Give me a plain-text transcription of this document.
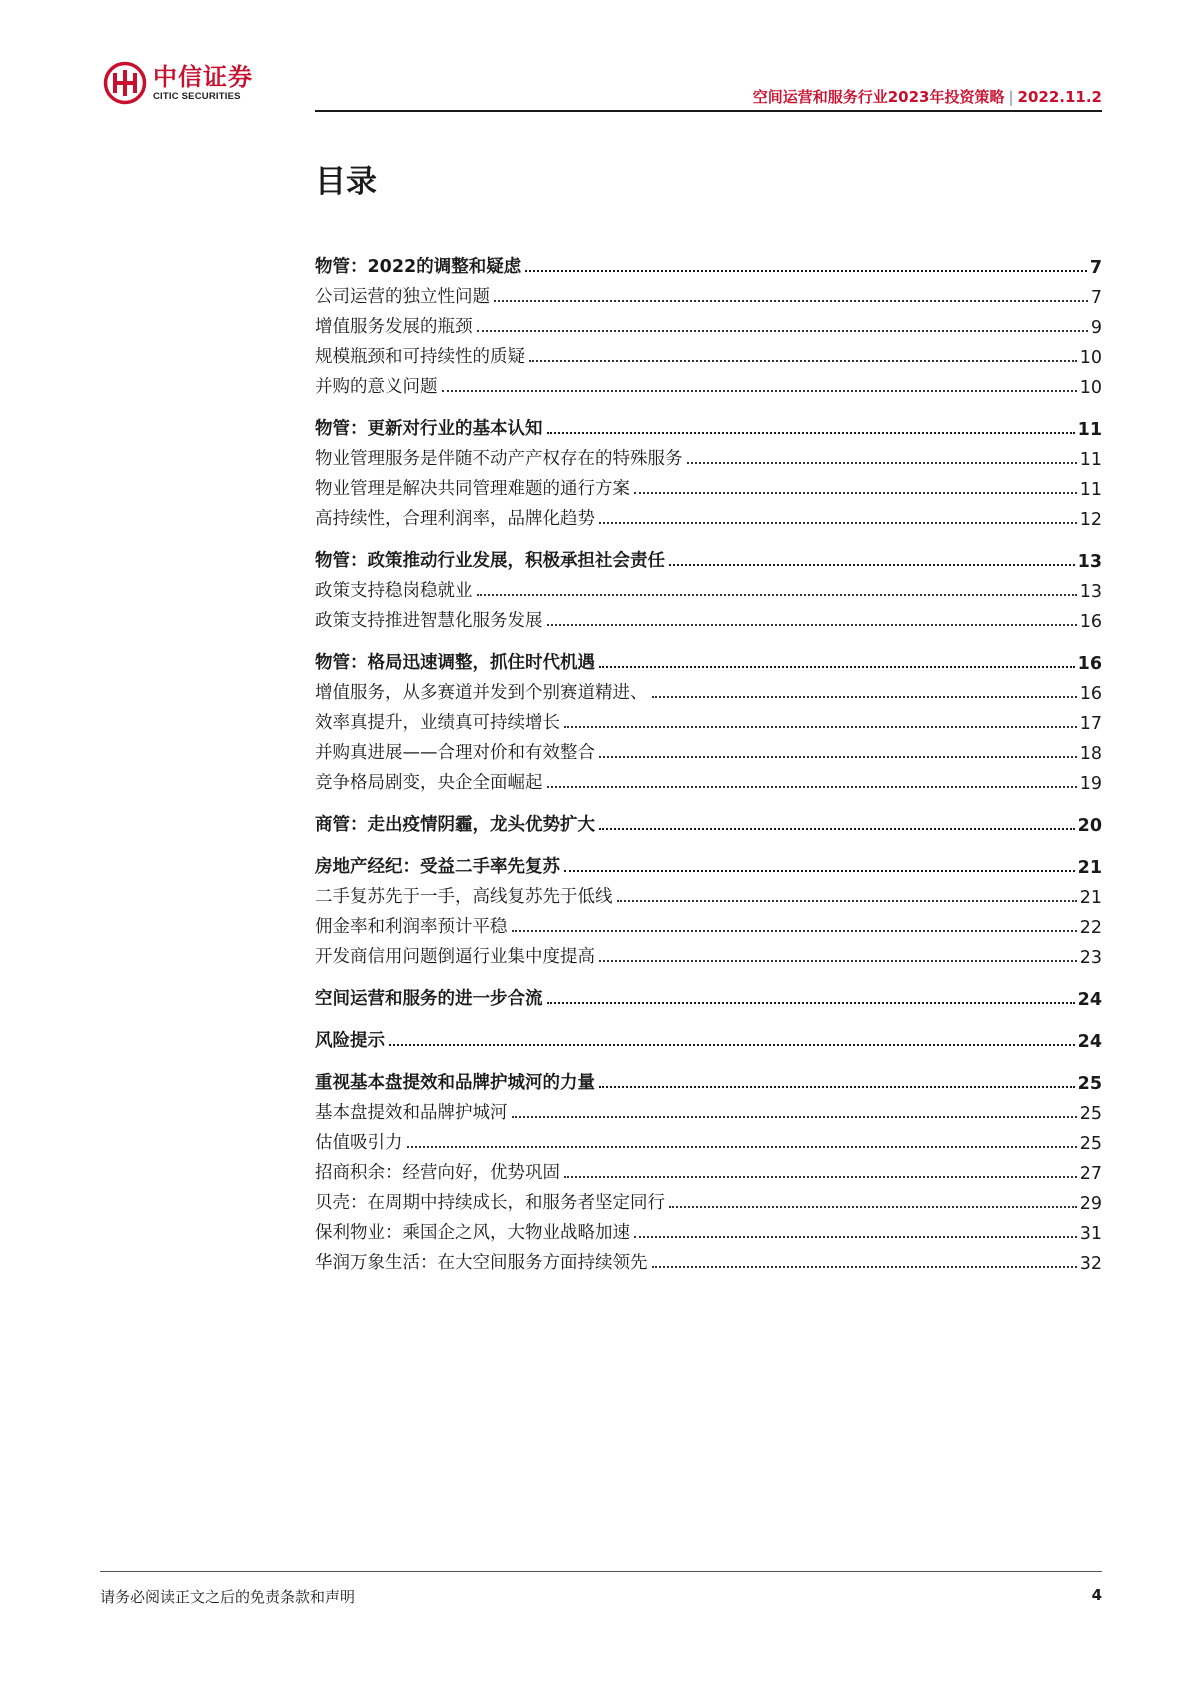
中信证券
CITIC SECURITIES	空间运营和服务行业2023年投资策略 | 2022.11.2
目录
物管：2022的调整和疑虑	7
公司运营的独立性问题	7
增值服务发展的瓶颈	9
规模瓶颈和可持续性的质疑	10
并购的意义问题	10
物管：更新对行业的基本认知	11
物业管理服务是伴随不动产产权存在的特殊服务	11
物业管理是解决共同管理难题的通行方案	11
高持续性，合理利润率，品牌化趋势	12
物管：政策推动行业发展，积极承担社会责任	13
政策支持稳岗稳就业	13
政策支持推进智慧化服务发展	16
物管：格局迅速调整，抓住时代机遇	16
增值服务，从多赛道并发到个别赛道精进、	16
效率真提升，业绩真可持续增长	17
并购真进展——合理对价和有效整合	18
竞争格局剧变，央企全面崛起	19
商管：走出疫情阴霾，龙头优势扩大	20
房地产经纪：受益二手率先复苏	21
二手复苏先于一手，高线复苏先于低线	21
佣金率和利润率预计平稳	22
开发商信用问题倒逼行业集中度提高	23
空间运营和服务的进一步合流	24
风险提示	24
重视基本盘提效和品牌护城河的力量	25
基本盘提效和品牌护城河	25
估值吸引力	25
招商积余：经营向好，优势巩固	27
贝壳：在周期中持续成长，和服务者坚定同行	29
保利物业：乘国企之风，大物业战略加速	31
华润万象生活：在大空间服务方面持续领先	32
请务必阅读正文之后的免责条款和声明	4
